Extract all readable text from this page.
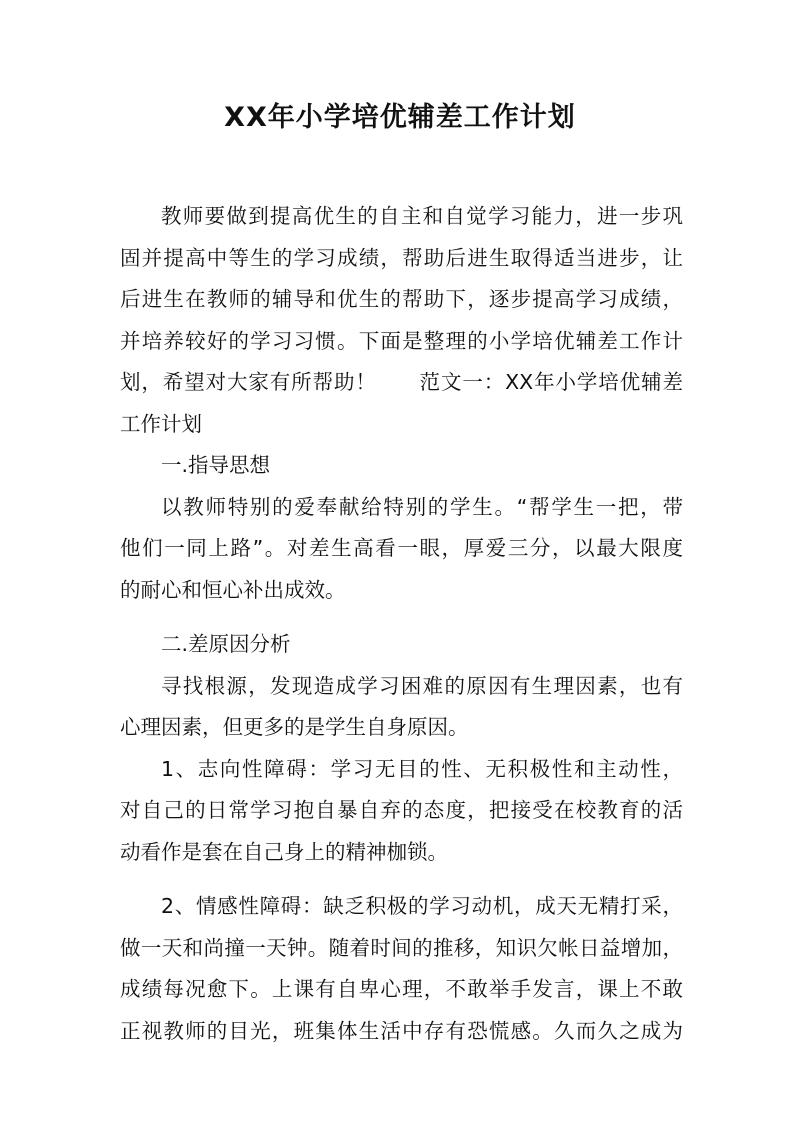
XX年小学培优辅差工作计划
教师要做到提高优生的自主和自觉学习能力，进一步巩
固并提高中等生的学习成绩，帮助后进生取得适当进步，让
后进生在教师的辅导和优生的帮助下，逐步提高学习成绩，
并培养较好的学习习惯。下面是整理的小学培优辅差工作计
划，希望对大家有所帮助！　　范文一：XX年小学培优辅差
工作计划
一.指导思想
以教师特别的爱奉献给特别的学生。“帮学生一把，带
他们一同上路”。对差生高看一眼，厚爱三分，以最大限度
的耐心和恒心补出成效。
二.差原因分析
寻找根源，发现造成学习困难的原因有生理因素，也有
心理因素，但更多的是学生自身原因。
1、志向性障碍：学习无目的性、无积极性和主动性，
对自己的日常学习抱自暴自弃的态度，把接受在校教育的活
动看作是套在自己身上的精神枷锁。
2、情感性障碍：缺乏积极的学习动机，成天无精打采，
做一天和尚撞一天钟。随着时间的推移，知识欠帐日益增加，
成绩每况愈下。上课有自卑心理，不敢举手发言，课上不敢
正视教师的目光，班集体生活中存有恐慌感。久而久之成为
